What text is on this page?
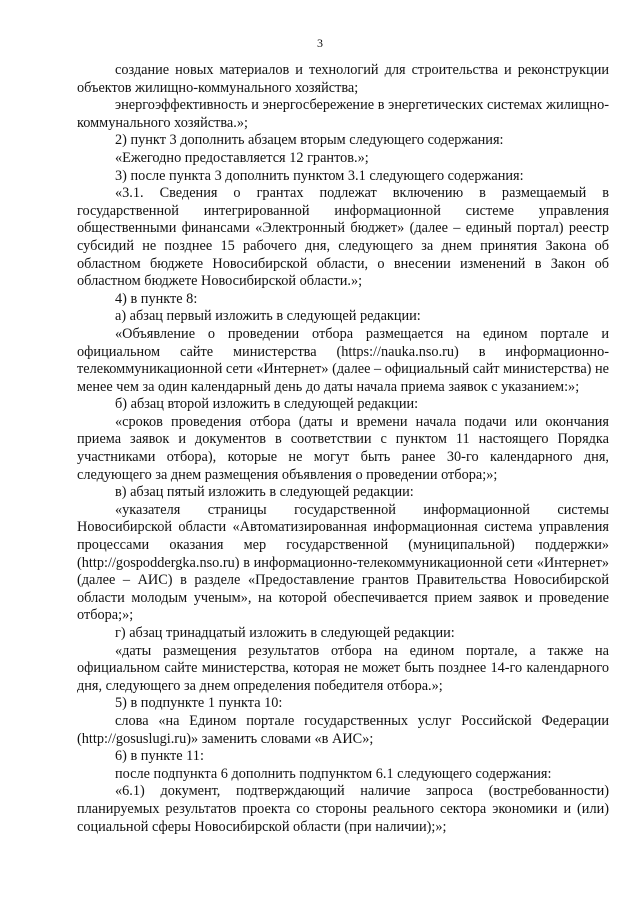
3

создание новых материалов и технологий для строительства и реконструкции объектов жилищно-коммунального хозяйства;

энергоэффективность и энергосбережение в энергетических системах жилищно-коммунального хозяйства.»;

2) пункт 3 дополнить абзацем вторым следующего содержания:

«Ежегодно предоставляется 12 грантов.»;

3) после пункта 3 дополнить пунктом 3.1 следующего содержания:

«3.1. Сведения о грантах подлежат включению в размещаемый в государственной интегрированной информационной системе управления общественными финансами «Электронный бюджет» (далее – единый портал) реестр субсидий не позднее 15 рабочего дня, следующего за днем принятия Закона об областном бюджете Новосибирской области, о внесении изменений в Закон об областном бюджете Новосибирской области.»;

4) в пункте 8:

а) абзац первый изложить в следующей редакции:

«Объявление о проведении отбора размещается на едином портале и официальном сайте министерства (https://nauka.nso.ru) в информационно-телекоммуникационной сети «Интернет» (далее – официальный сайт министерства) не менее чем за один календарный день до даты начала приема заявок с указанием:»;

б) абзац второй изложить в следующей редакции:

«сроков проведения отбора (даты и времени начала подачи или окончания приема заявок и документов в соответствии с пунктом 11 настоящего Порядка участниками отбора), которые не могут быть ранее 30-го календарного дня, следующего за днем размещения объявления о проведении отбора;»;

в) абзац пятый изложить в следующей редакции:

«указателя страницы государственной информационной системы Новосибирской области «Автоматизированная информационная система управления процессами оказания мер государственной (муниципальной) поддержки» (http://gospoddergka.nso.ru) в информационно-телекоммуникационной сети «Интернет» (далее – АИС) в разделе «Предоставление грантов Правительства Новосибирской области молодым ученым», на которой обеспечивается прием заявок и проведение отбора;»;

г) абзац тринадцатый изложить в следующей редакции:

«даты размещения результатов отбора на едином портале, а также на официальном сайте министерства, которая не может быть позднее 14-го календарного дня, следующего за днем определения победителя отбора.»;

5) в подпункте 1 пункта 10:

слова «на Едином портале государственных услуг Российской Федерации (http://gosuslugi.ru)» заменить словами «в АИС»;

6) в пункте 11:

после подпункта 6 дополнить подпунктом 6.1 следующего содержания:

«6.1) документ, подтверждающий наличие запроса (востребованности) планируемых результатов проекта со стороны реального сектора экономики и (или) социальной сферы Новосибирской области (при наличии);»;
